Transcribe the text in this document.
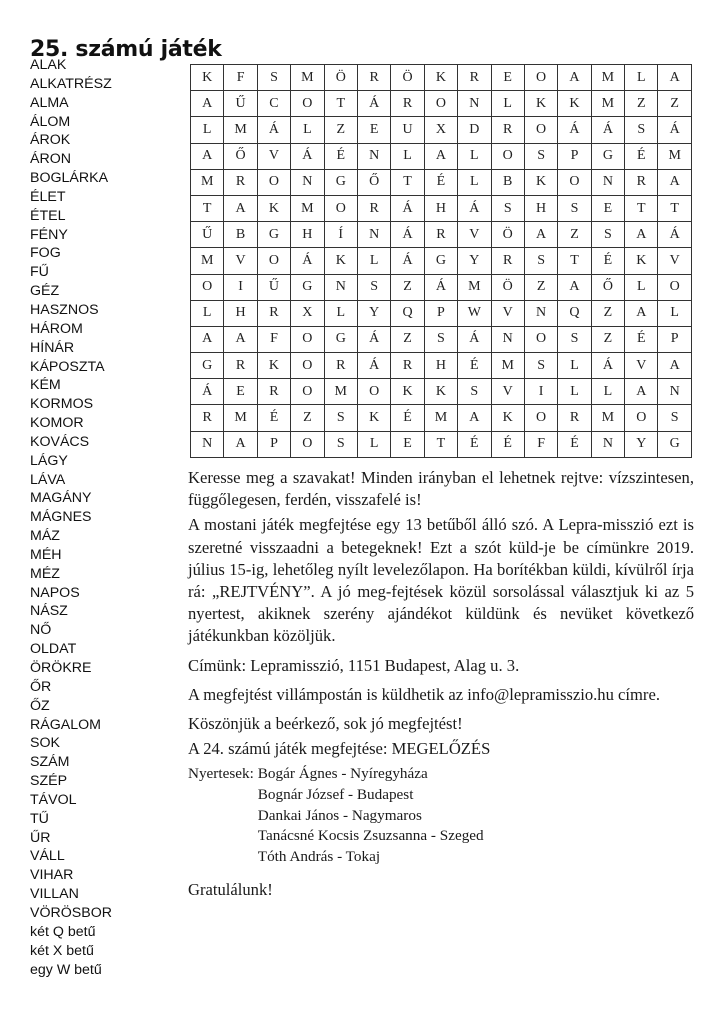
25. számú játék
ALAK
ALKATRÉSZ
ALMA
ÁLOM
ÁROK
ÁRON
BOGLÁRKA
ÉLET
ÉTEL
FÉNY
FOG
FŰ
GÉZ
HASZNOS
HÁROM
HÍNÁR
KÁPOSZTA
KÉM
KORMOS
KOMOR
KOVÁCS
LÁGY
LÁVA
MAGÁNY
MÁGNES
MÁZ
MÉH
MÉZ
NAPOS
NÁSZ
NŐ
OLDAT
ÖRÖKRE
ŐR
ŐZ
RÁGALOM
SOK
SZÁM
SZÉP
TÁVOL
TŰ
ŰR
VÁLL
VIHAR
VILLAN
VÖRÖSBOR
két Q betű
két X betű
egy W betű
K	F	S	M	Ö	R	Ö	K	R	E	O	A	M	L	A
A	Ű	C	O	T	Á	R	O	N	L	K	K	M	Z	Z
L	M	Á	L	Z	E	U	X	D	R	O	Á	Á	S	Á
A	Ő	V	Á	É	N	L	A	L	O	S	P	G	É	M
M	R	O	N	G	Ő	T	É	L	B	K	O	N	R	A
T	A	K	M	O	R	Á	H	Á	S	H	S	E	T	T
Ű	B	G	H	Í	N	Á	R	V	Ö	A	Z	S	A	Á
M	V	O	Á	K	L	Á	G	Y	R	S	T	É	K	V
O	I	Ű	G	N	S	Z	Á	M	Ö	Z	A	Ő	L	O
L	H	R	X	L	Y	Q	P	W	V	N	Q	Z	A	L
A	A	F	O	G	Á	Z	S	Á	N	O	S	Z	É	P
G	R	K	O	R	Á	R	H	É	M	S	L	Á	V	A
Á	E	R	O	M	O	K	K	S	V	I	L	L	A	N
R	M	É	Z	S	K	É	M	A	K	O	R	M	O	S
N	A	P	O	S	L	E	T	É	É	F	É	N	Y	G

Keresse meg a szavakat! Minden irányban el lehetnek rejtve: vízszintesen, függőlegesen, ferdén, visszafelé is!

A mostani játék megfejtése egy 13 betűből álló szó. A Lepra-misszió ezt is szeretné visszaadni a betegeknek! Ezt a szót küld-je be címünkre 2019. július 15-ig, lehetőleg nyílt levelezőlapon. Ha borítékban küldi, kívülről írja rá: „REJTVÉNY”. A jó meg-fejtések közül sorsolással választjuk ki az 5 nyertest, akiknek szerény ajándékot küldünk és nevüket következő játékunkban közöljük.

Címünk: Lepramisszió, 1151 Budapest, Alag u. 3.

A megfejtést villámpostán is küldhetik az info@lepramisszio.hu címre.

Köszönjük a beérkező, sok jó megfejtést!

A 24. számú játék megfejtése: MEGELŐZÉS

Nyertesek: Bogár Ágnes - Nyíregyháza
Bognár József - Budapest
Dankai János - Nagymaros
Tanácsné Kocsis Zsuzsanna - Szeged
Tóth András - Tokaj

Gratulálunk!
